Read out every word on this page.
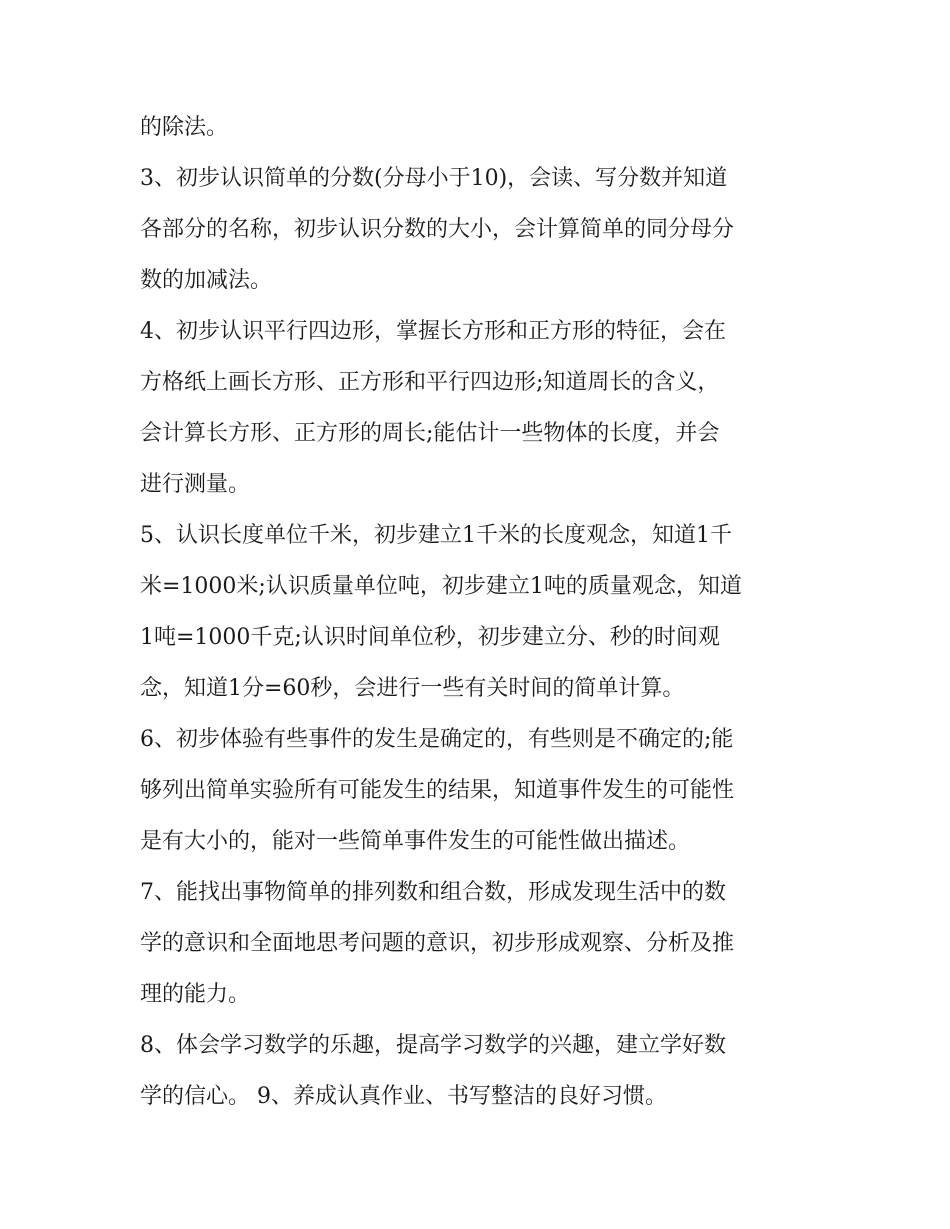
的除法。
3、初步认识简单的分数(分母小于10)，会读、写分数并知道
各部分的名称，初步认识分数的大小，会计算简单的同分母分
数的加减法。
4、初步认识平行四边形，掌握长方形和正方形的特征，会在
方格纸上画长方形、正方形和平行四边形;知道周长的含义，
会计算长方形、正方形的周长;能估计一些物体的长度，并会
进行测量。
5、认识长度单位千米，初步建立1千米的长度观念，知道1千
米=1000米;认识质量单位吨，初步建立1吨的质量观念，知道
1吨=1000千克;认识时间单位秒，初步建立分、秒的时间观
念，知道1分=60秒，会进行一些有关时间的简单计算。
6、初步体验有些事件的发生是确定的，有些则是不确定的;能
够列出简单实验所有可能发生的结果，知道事件发生的可能性
是有大小的，能对一些简单事件发生的可能性做出描述。
7、能找出事物简单的排列数和组合数，形成发现生活中的数
学的意识和全面地思考问题的意识，初步形成观察、分析及推
理的能力。
8、体会学习数学的乐趣，提高学习数学的兴趣，建立学好数
学的信心。 9、养成认真作业、书写整洁的良好习惯。
